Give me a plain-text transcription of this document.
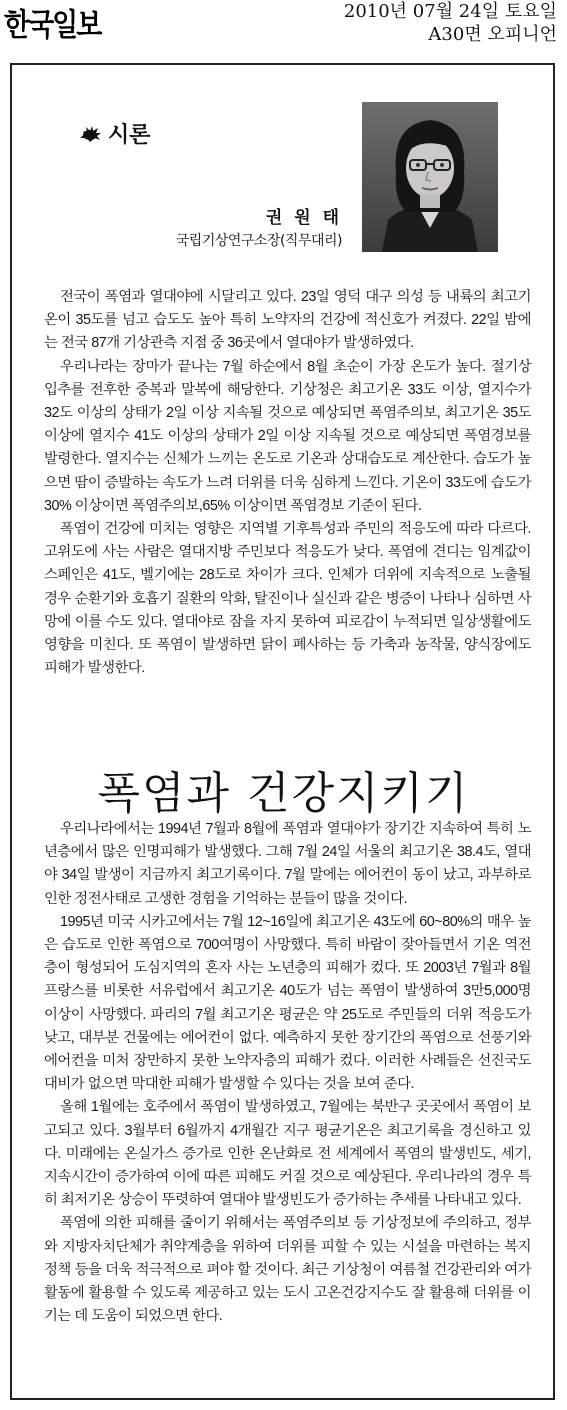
한국일보	2010년 07월 24일 토요일
A30면 오피니언
시론
권 원 태
국립기상연구소장(직무대리)

전국이 폭염과 열대야에 시달리고 있다. 23일 영덕 대구 의성 등 내륙의 최고기온이 35도를 넘고 습도도 높아 특히 노약자의 건강에 적신호가 켜졌다. 22일 밤에는 전국 87개 기상관측 지점 중 36곳에서 열대야가 발생하였다.

우리나라는 장마가 끝나는 7월 하순에서 8월 초순이 가장 온도가 높다. 절기상 입추를 전후한 중복과 말복에 해당한다. 기상청은 최고기온 33도 이상, 열지수가 32도 이상의 상태가 2일 이상 지속될 것으로 예상되면 폭염주의보, 최고기온 35도 이상에 열지수 41도 이상의 상태가 2일 이상 지속될 것으로 예상되면 폭염경보를 발령한다. 열지수는 신체가 느끼는 온도로 기온과 상대습도로 계산한다. 습도가 높으면 땀이 증발하는 속도가 느려 더위를 더욱 심하게 느낀다. 기온이 33도에 습도가 30% 이상이면 폭염주의보,65% 이상이면 폭염경보 기준이 된다.

폭염이 건강에 미치는 영향은 지역별 기후특성과 주민의 적응도에 따라 다르다. 고위도에 사는 사람은 열대지방 주민보다 적응도가 낮다. 폭염에 견디는 임계값이 스페인은 41도, 벨기에는 28도로 차이가 크다. 인체가 더위에 지속적으로 노출될 경우 순환기와 호흡기 질환의 악화, 탈진이나 실신과 같은 병증이 나타나 심하면 사망에 이를 수도 있다. 열대야로 잠을 자지 못하여 피로감이 누적되면 일상생활에도 영향을 미친다. 또 폭염이 발생하면 닭이 폐사하는 등 가축과 농작물, 양식장에도 피해가 발생한다.

폭염과 건강지키기

우리나라에서는 1994년 7월과 8월에 폭염과 열대야가 장기간 지속하여 특히 노년층에서 많은 인명피해가 발생했다. 그해 7월 24일 서울의 최고기온 38.4도, 열대야 34일 발생이 지금까지 최고기록이다. 7월 말에는 에어컨이 동이 났고, 과부하로 인한 정전사태로 고생한 경험을 기억하는 분들이 많을 것이다.

1995년 미국 시카고에서는 7월 12~16일에 최고기온 43도에 60~80%의 매우 높은 습도로 인한 폭염으로 700여명이 사망했다. 특히 바람이 잦아들면서 기온 역전층이 형성되어 도심지역의 혼자 사는 노년층의 피해가 컸다. 또 2003년 7월과 8월 프랑스를 비롯한 서유럽에서 최고기온 40도가 넘는 폭염이 발생하여 3만5,000명 이상이 사망했다. 파리의 7월 최고기온 평균은 약 25도로 주민들의 더위 적응도가 낮고, 대부분 건물에는 에어컨이 없다. 예측하지 못한 장기간의 폭염으로 선풍기와 에어컨을 미처 장만하지 못한 노약자층의 피해가 컸다. 이러한 사례들은 선진국도 대비가 없으면 막대한 피해가 발생할 수 있다는 것을 보여 준다.

올해 1월에는 호주에서 폭염이 발생하였고, 7월에는 북반구 곳곳에서 폭염이 보고되고 있다. 3월부터 6월까지 4개월간 지구 평균기온은 최고기록을 경신하고 있다. 미래에는 온실가스 증가로 인한 온난화로 전 세계에서 폭염의 발생빈도, 세기, 지속시간이 증가하여 이에 따른 피해도 커질 것으로 예상된다. 우리나라의 경우 특히 최저기온 상승이 뚜렷하여 열대야 발생빈도가 증가하는 추세를 나타내고 있다.

폭염에 의한 피해를 줄이기 위해서는 폭염주의보 등 기상정보에 주의하고, 정부와 지방자치단체가 취약계층을 위하여 더위를 피할 수 있는 시설을 마련하는 복지정책 등을 더욱 적극적으로 펴야 할 것이다. 최근 기상청이 여름철 건강관리와 여가활동에 활용할 수 있도록 제공하고 있는 도시 고온건강지수도 잘 활용해 더위를 이기는 데 도움이 되었으면 한다.
